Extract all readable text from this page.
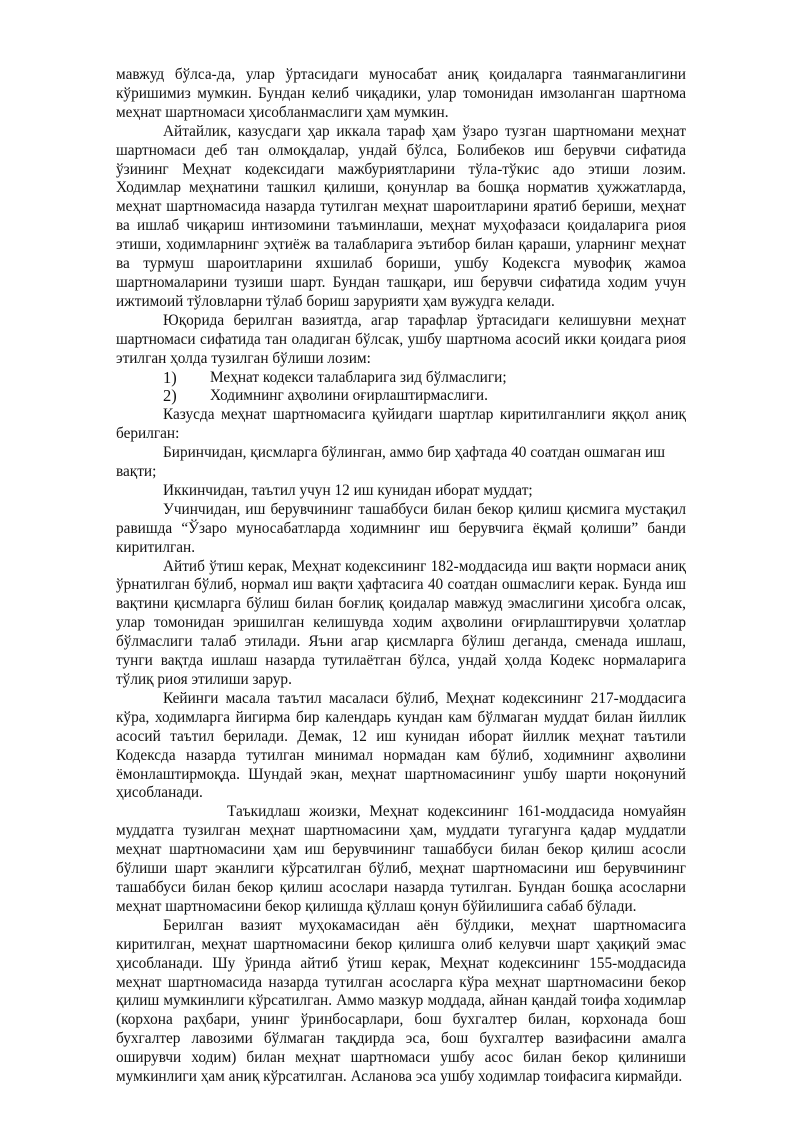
мавжуд бўлса-да, улар ўртасидаги муносабат аниқ қоидаларга таянмаганлигини кўришимиз мумкин. Бундан келиб чиқадики, улар томонидан имзоланган шартнома меҳнат шартномаси ҳисобланмаслиги ҳам мумкин.

Айтайлик, казусдаги ҳар иккала тараф ҳам ўзаро тузган шартномани меҳнат шартномаси деб тан олмоқдалар, ундай бўлса, Болибеков иш берувчи сифатида ўзининг Меҳнат кодексидаги мажбуриятларини тўла-тўкис адо этиши лозим. Ходимлар меҳнатини ташкил қилиши, қонунлар ва бошқа норматив ҳужжатларда, меҳнат шартномасида назарда тутилган меҳнат шароитларини яратиб бериши, меҳнат ва ишлаб чиқариш интизомини таъминлаши, меҳнат муҳофазаси қоидаларига риоя этиши, ходимларнинг эҳтиёж ва талабларига эътибор билан қараши, уларнинг меҳнат ва турмуш шароитларини яхшилаб бориши, ушбу Кодексга мувофиқ жамоа шартномаларини тузиши шарт. Бундан ташқари, иш берувчи сифатида ходим учун ижтимоий тўловларни тўлаб бориш зарурияти ҳам вужудга келади.

Юқорида берилган вазиятда, агар тарафлар ўртасидаги келишувни меҳнат шартномаси сифатида тан оладиган бўлсак, ушбу шартнома асосий икки қоидага риоя этилган ҳолда тузилган бўлиши лозим:

1)	Меҳнат кодекси талабларига зид бўлмаслиги;
2)	Ходимнинг аҳволини оғирлаштирмаслиги.

Казусда меҳнат шартномасига қуйидаги шартлар киритилганлиги яққол аниқ берилган:

Биринчидан, қисмларга бўлинган, аммо бир ҳафтада 40 соатдан ошмаган иш вақти;

Иккинчидан, таътил учун 12 иш кунидан иборат муддат;

Учинчидан, иш берувчининг ташаббуси билан бекор қилиш қисмига мустақил равишда “Ўзаро муносабатларда ходимнинг иш берувчига ёқмай қолиши” банди киритилган.

Айтиб ўтиш керак, Меҳнат кодексининг 182-моддасида иш вақти нормаси аниқ ўрнатилган бўлиб, нормал иш вақти ҳафтасига 40 соатдан ошмаслиги керак. Бунда иш вақтини қисмларга бўлиш билан боғлиқ қоидалар мавжуд эмаслигини ҳисобга олсак, улар томонидан эришилган келишувда ходим аҳволини оғирлаштирувчи ҳолатлар бўлмаслиги талаб этилади. Яъни агар қисмларга бўлиш деганда, сменада ишлаш, тунги вақтда ишлаш назарда тутилаётган бўлса, ундай ҳолда Кодекс нормаларига тўлиқ риоя этилиши зарур.

Кейинги масала таътил масаласи бўлиб, Меҳнат кодексининг 217-моддасига кўра, ходимларга йигирма бир календарь кундан кам бўлмаган муддат билан йиллик асосий таътил берилади. Демак, 12 иш кунидан иборат йиллик меҳнат таътили Кодексда назарда тутилган минимал нормадан кам бўлиб, ходимнинг аҳволини ёмонлаштирмоқда. Шундай экан, меҳнат шартномасининг ушбу шарти ноқонуний ҳисобланади.

Таъкидлаш жоизки, Меҳнат кодексининг 161-моддасида номуайян муддатга тузилган меҳнат шартномасини ҳам, муддати тугагунга қадар муддатли меҳнат шартномасини ҳам иш берувчининг ташаббуси билан бекор қилиш асосли бўлиши шарт эканлиги кўрсатилган бўлиб, меҳнат шартномасини иш берувчининг ташаббуси билан бекор қилиш асослари назарда тутилган. Бундан бошқа асосларни меҳнат шартномасини бекор қилишда қўллаш қонун бўйилишига сабаб бўлади.

Берилган вазият муҳокамасидан аён бўлдики, меҳнат шартномасига киритилган, меҳнат шартномасини бекор қилишга олиб келувчи шарт ҳақиқий эмас ҳисобланади. Шу ўринда айтиб ўтиш керак, Меҳнат кодексининг 155-моддасида меҳнат шартномасида назарда тутилган асосларга кўра меҳнат шартномасини бекор қилиш мумкинлиги кўрсатилган. Аммо мазкур моддада, айнан қандай тоифа ходимлар (корхона раҳбари, унинг ўринбосарлари, бош бухгалтер билан, корхонада бош бухгалтер лавозими бўлмаган тақдирда эса, бош бухгалтер вазифасини амалга оширувчи ходим) билан меҳнат шартномаси ушбу асос билан бекор қилиниши мумкинлиги ҳам аниқ кўрсатилган. Асланова эса ушбу ходимлар тоифасига кирмайди.
